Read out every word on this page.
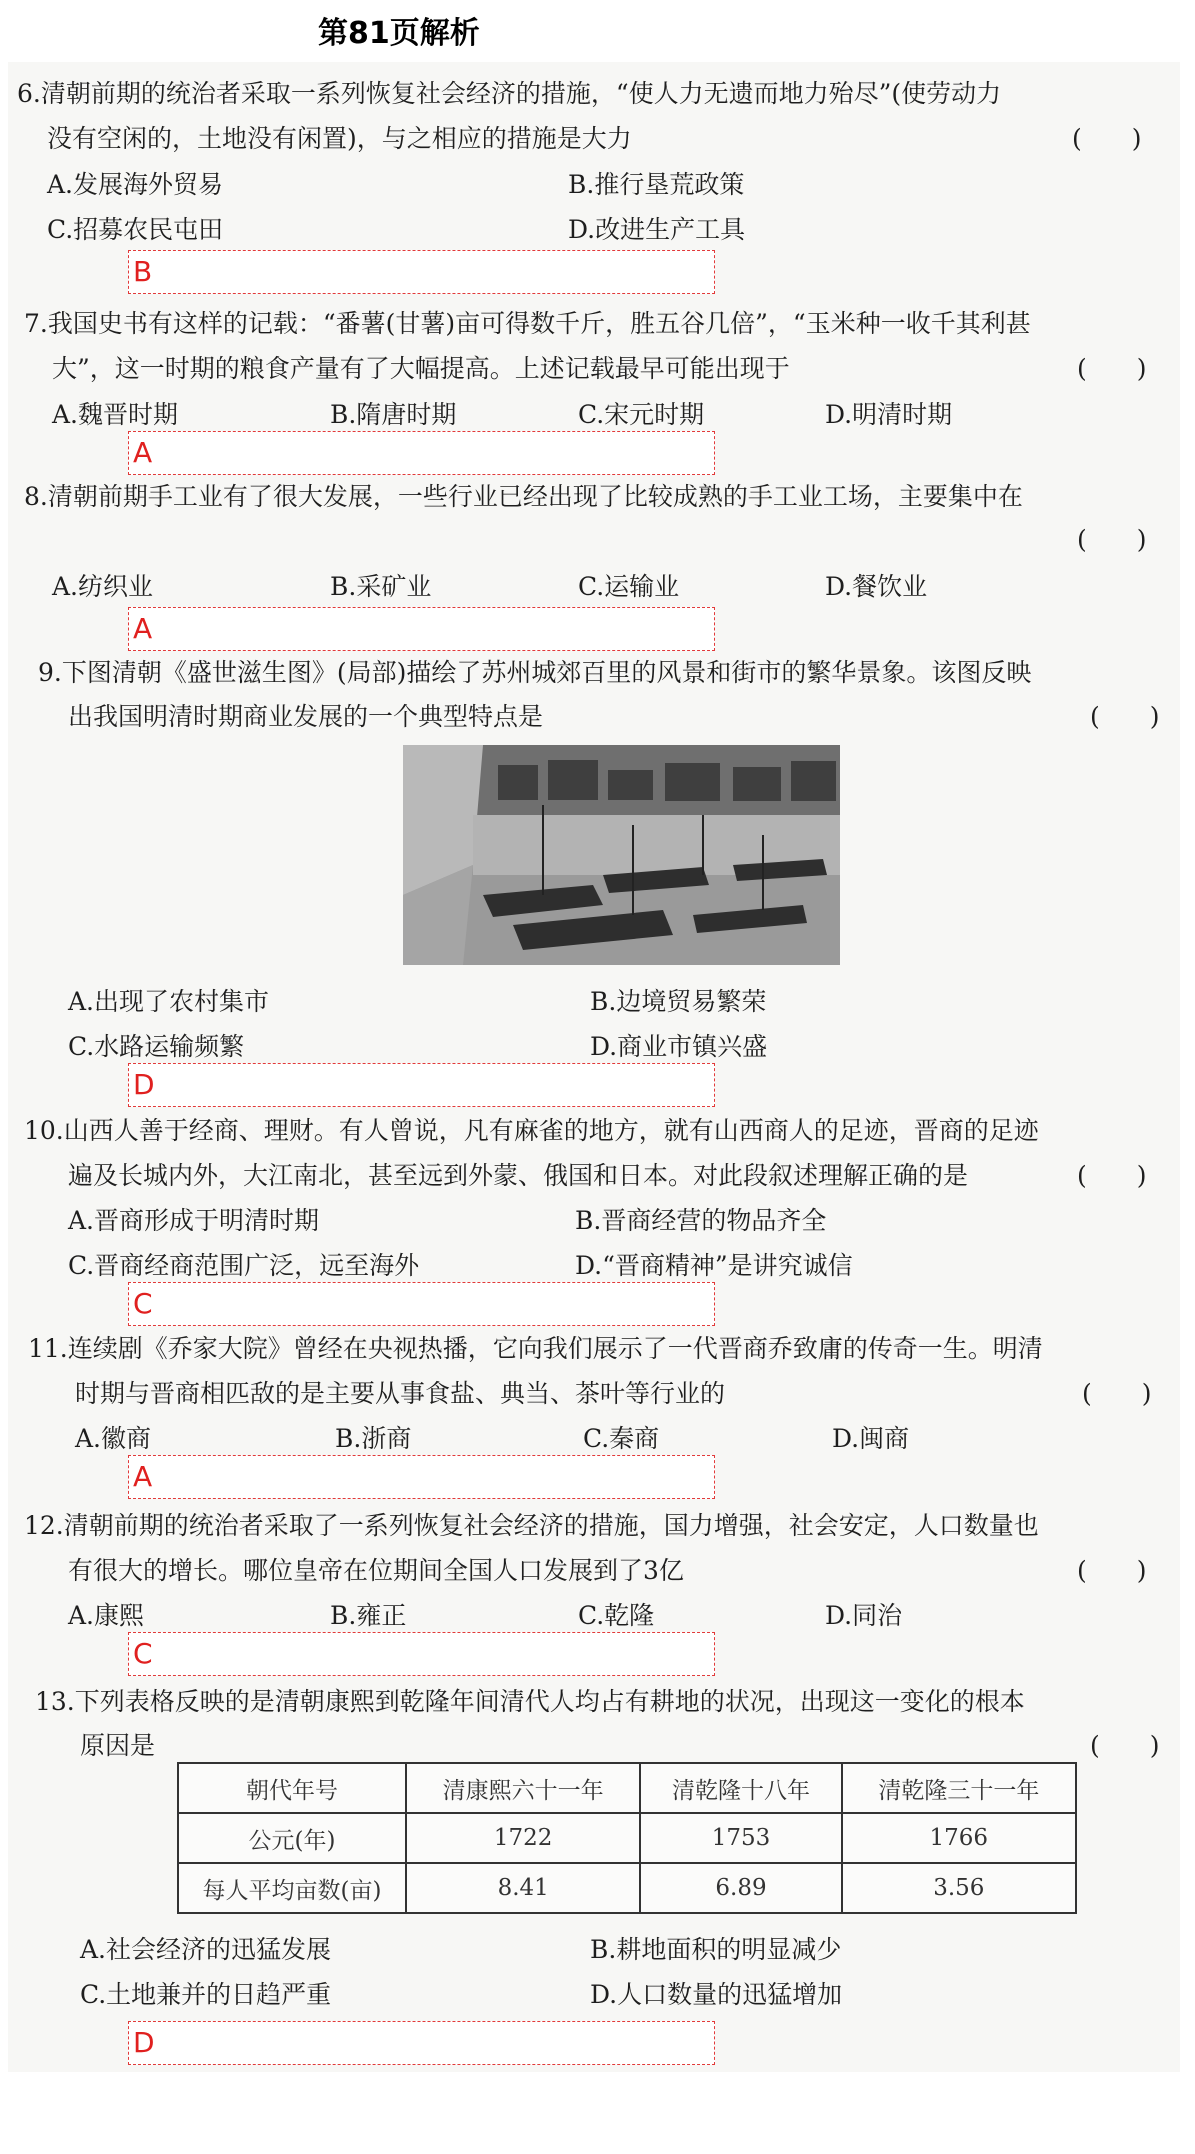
第81页解析
6.清朝前期的统治者采取一系列恢复社会经济的措施，“使人力无遗而地力殆尽”(使劳动力
没有空闲的，土地没有闲置)，与之相应的措施是大力	(　　)
A.发展海外贸易	B.推行垦荒政策
C.招募农民屯田	D.改进生产工具
B
7.我国史书有这样的记载：“番薯(甘薯)亩可得数千斤，胜五谷几倍”，“玉米种一收千其利甚
大”，这一时期的粮食产量有了大幅提高。上述记载最早可能出现于	(　　)
A.魏晋时期	B.隋唐时期	C.宋元时期	D.明清时期
A
8.清朝前期手工业有了很大发展，一些行业已经出现了比较成熟的手工业工场，主要集中在
(　　)
A.纺织业	B.采矿业	C.运输业	D.餐饮业
A
9.下图清朝《盛世滋生图》(局部)描绘了苏州城郊百里的风景和街市的繁华景象。该图反映
出我国明清时期商业发展的一个典型特点是	(　　)
A.出现了农村集市	B.边境贸易繁荣
C.水路运输频繁	D.商业市镇兴盛
D
10.山西人善于经商、理财。有人曾说，凡有麻雀的地方，就有山西商人的足迹，晋商的足迹
遍及长城内外，大江南北，甚至远到外蒙、俄国和日本。对此段叙述理解正确的是	(　　)
A.晋商形成于明清时期	B.晋商经营的物品齐全
C.晋商经商范围广泛，远至海外	D.“晋商精神”是讲究诚信
C
11.连续剧《乔家大院》曾经在央视热播，它向我们展示了一代晋商乔致庸的传奇一生。明清
时期与晋商相匹敌的是主要从事食盐、典当、茶叶等行业的	(　　)
A.徽商	B.浙商	C.秦商	D.闽商
A
12.清朝前期的统治者采取了一系列恢复社会经济的措施，国力增强，社会安定，人口数量也
有很大的增长。哪位皇帝在位期间全国人口发展到了3亿	(　　)
A.康熙	B.雍正	C.乾隆	D.同治
C
13.下列表格反映的是清朝康熙到乾隆年间清代人均占有耕地的状况，出现这一变化的根本
原因是	(　　)
朝代年号	清康熙六十一年	清乾隆十八年	清乾隆三十一年
公元(年)	1722	1753	1766
每人平均亩数(亩)	8.41	6.89	3.56
A.社会经济的迅猛发展	B.耕地面积的明显减少
C.土地兼并的日趋严重	D.人口数量的迅猛增加
D
